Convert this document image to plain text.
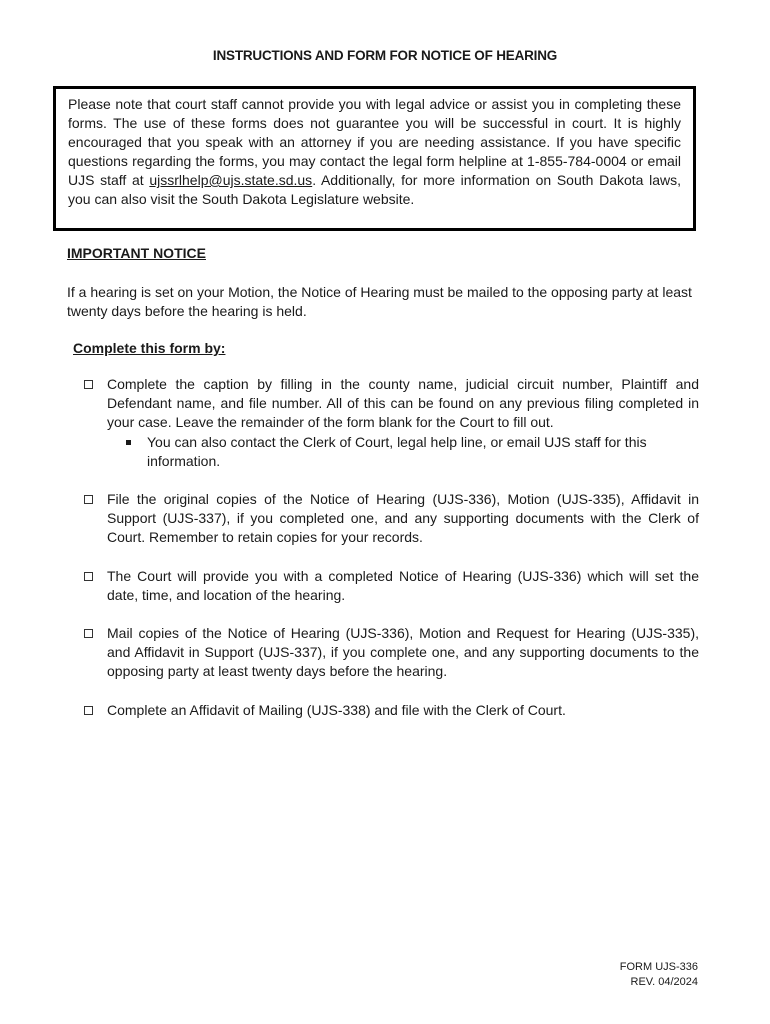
INSTRUCTIONS AND FORM FOR NOTICE OF HEARING
Please note that court staff cannot provide you with legal advice or assist you in completing these forms. The use of these forms does not guarantee you will be successful in court. It is highly encouraged that you speak with an attorney if you are needing assistance. If you have specific questions regarding the forms, you may contact the legal form helpline at 1-855-784-0004 or email UJS staff at ujssrlhelp@ujs.state.sd.us. Additionally, for more information on South Dakota laws, you can also visit the South Dakota Legislature website.
IMPORTANT NOTICE
If a hearing is set on your Motion, the Notice of Hearing must be mailed to the opposing party at least twenty days before the hearing is held.
Complete this form by:
Complete the caption by filling in the county name, judicial circuit number, Plaintiff and Defendant name, and file number. All of this can be found on any previous filing completed in your case. Leave the remainder of the form blank for the Court to fill out.
You can also contact the Clerk of Court, legal help line, or email UJS staff for this information.
File the original copies of the Notice of Hearing (UJS-336), Motion (UJS-335), Affidavit in Support (UJS-337), if you completed one, and any supporting documents with the Clerk of Court. Remember to retain copies for your records.
The Court will provide you with a completed Notice of Hearing (UJS-336) which will set the date, time, and location of the hearing.
Mail copies of the Notice of Hearing (UJS-336), Motion and Request for Hearing (UJS-335), and Affidavit in Support (UJS-337), if you complete one, and any supporting documents to the opposing party at least twenty days before the hearing.
Complete an Affidavit of Mailing (UJS-338) and file with the Clerk of Court.
FORM UJS-336
REV. 04/2024
